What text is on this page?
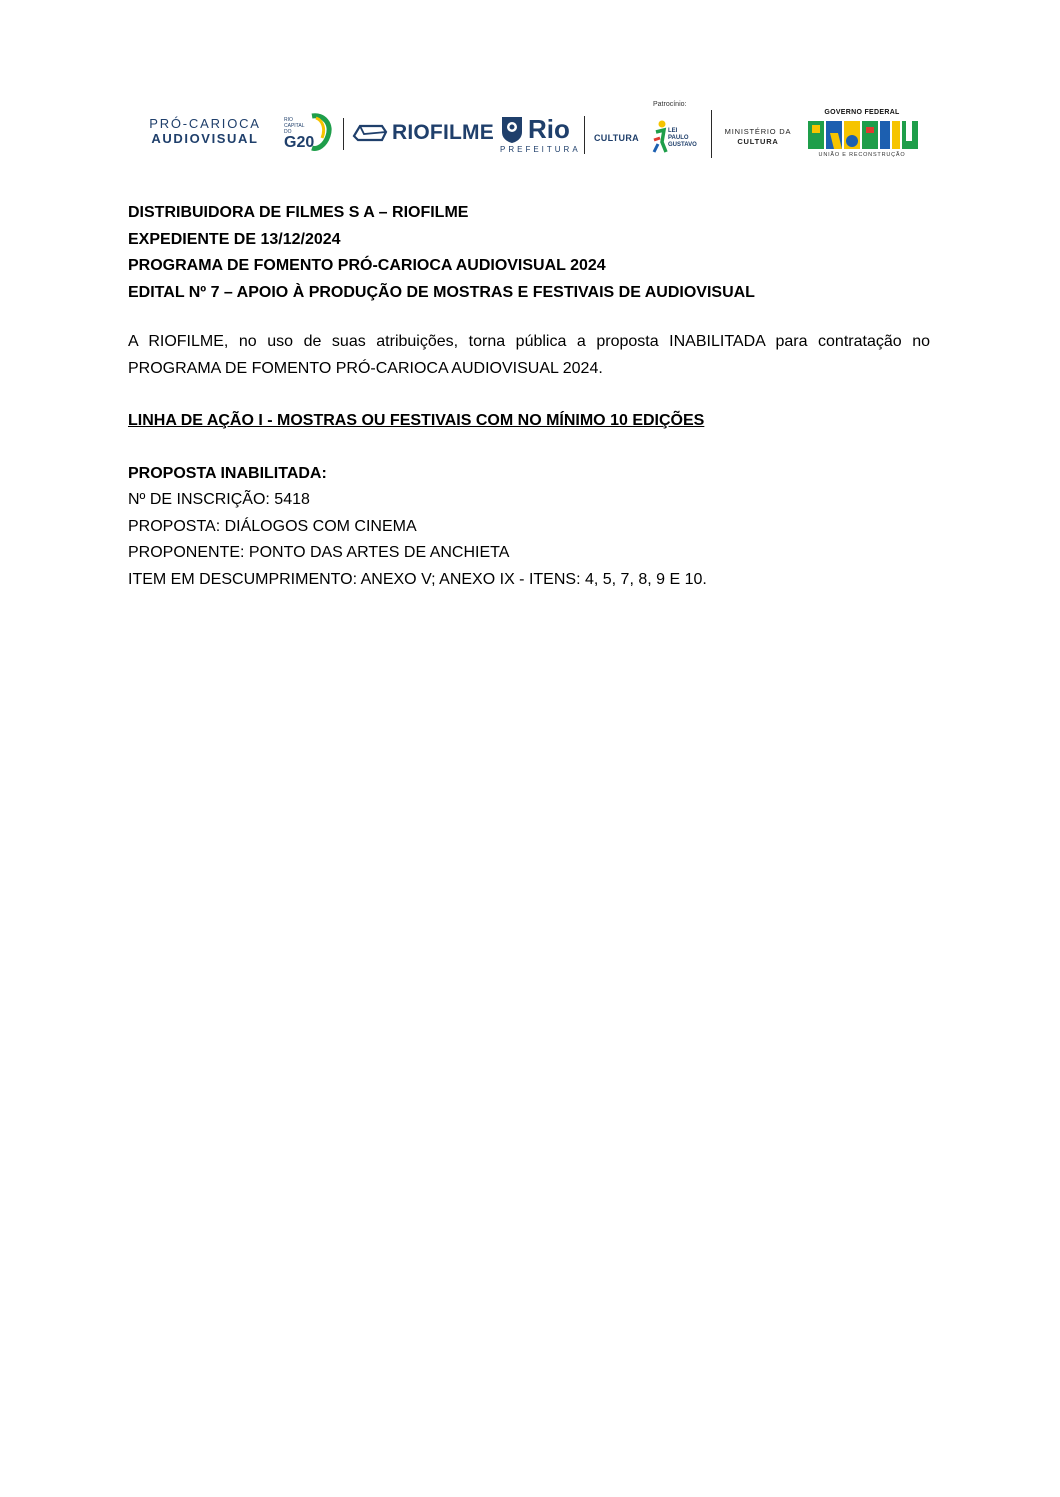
PRÓ-CARIOCA
AUDIOVISUAL
RIO
CAPITAL
DO
G20	RIOFILME Rio
PREFEITURA
CULTURA
Patrocínio:
LEI
PAULO
GUSTAVO
MINISTÉRIO DA
CULTURA
GOVERNO FEDERAL
UNIÃO E RECONSTRUÇÃO
DISTRIBUIDORA DE FILMES S A – RIOFILME
EXPEDIENTE DE 13/12/2024
PROGRAMA DE FOMENTO PRÓ-CARIOCA AUDIOVISUAL 2024
EDITAL Nº 7 – APOIO À PRODUÇÃO DE MOSTRAS E FESTIVAIS DE AUDIOVISUAL
A RIOFILME, no uso de suas atribuições, torna pública a proposta INABILITADA para contratação no PROGRAMA DE FOMENTO PRÓ-CARIOCA AUDIOVISUAL 2024.
LINHA DE AÇÃO I - MOSTRAS OU FESTIVAIS COM NO MÍNIMO 10 EDIÇÕES
PROPOSTA INABILITADA:
Nº DE INSCRIÇÃO: 5418
PROPOSTA: DIÁLOGOS COM CINEMA
PROPONENTE: PONTO DAS ARTES DE ANCHIETA
ITEM EM DESCUMPRIMENTO: ANEXO V; ANEXO IX - ITENS: 4, 5, 7, 8, 9 E 10.
